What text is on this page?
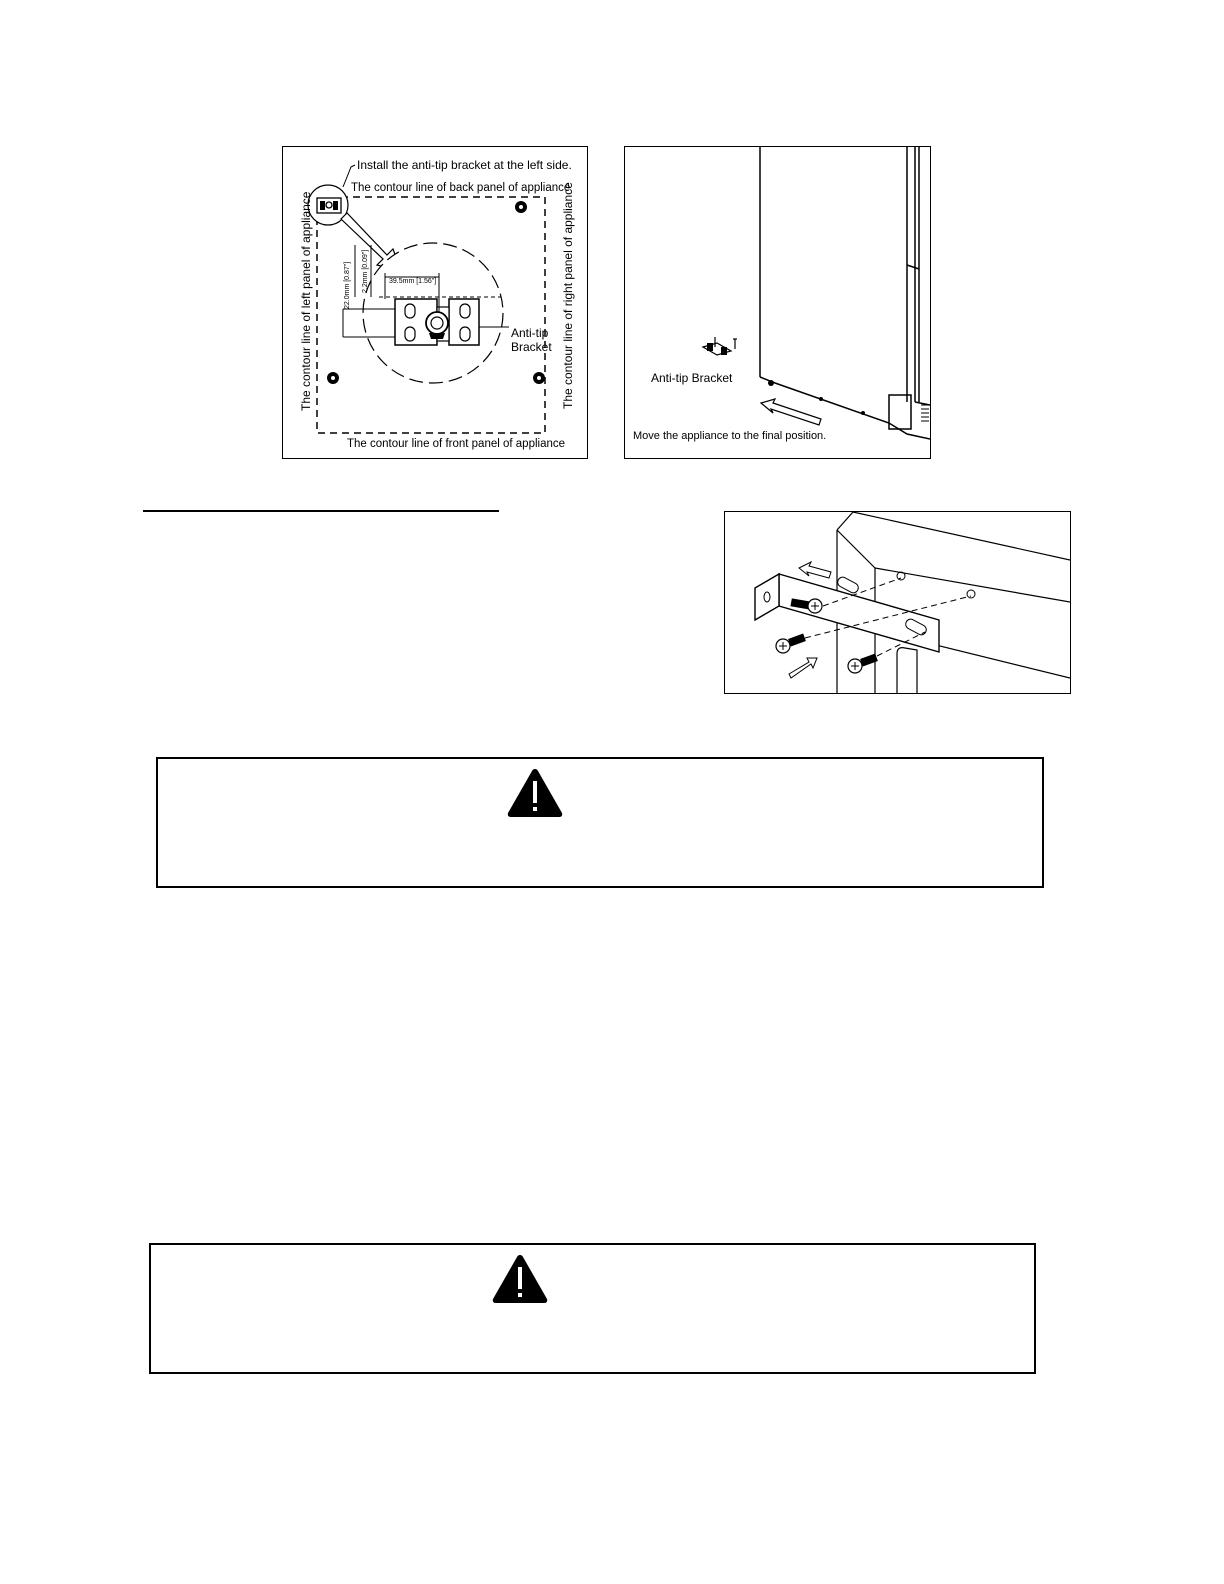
Install the anti-tip bracket at the left side.
The contour line of back panel of appliance
The contour line of front panel of appliance
The contour line of left panel of appliance	The contour line of right panel of appliance
39.5mm [1.56"]
2.2mm [0.09"]
22.0mm [0.87"]
Anti-tip
Bracket
Anti-tip Bracket
Move the appliance to the final position.
